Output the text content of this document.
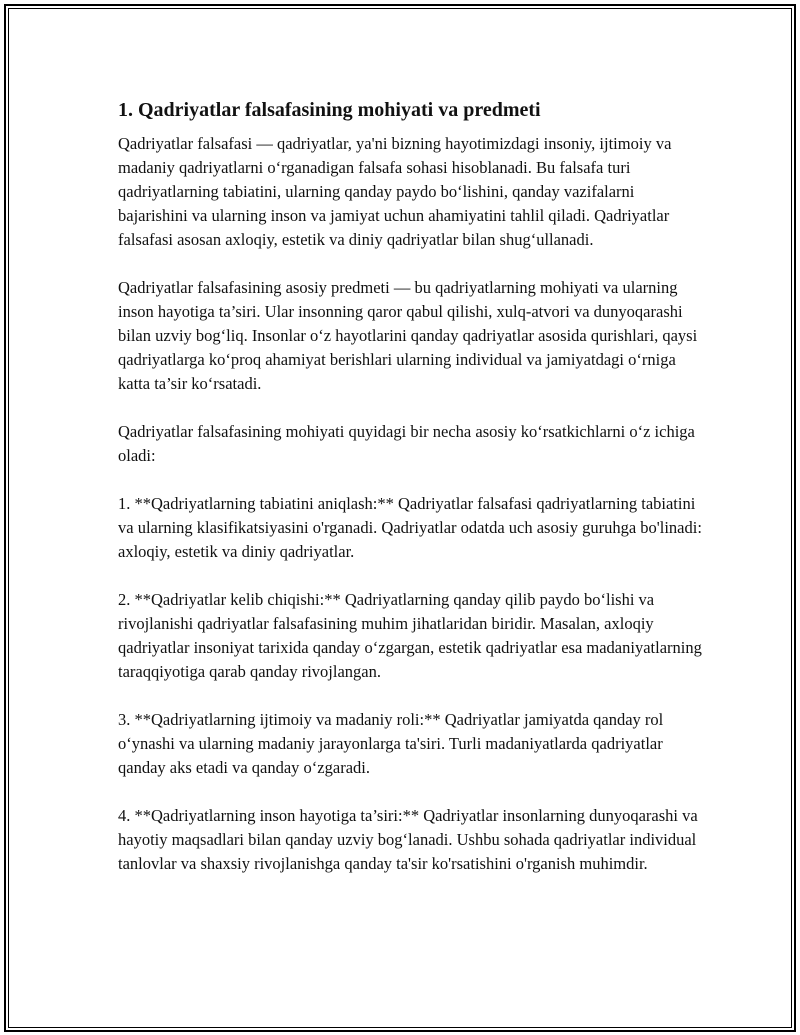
1. Qadriyatlar falsafasining mohiyati va predmeti

Qadriyatlar falsafasi — qadriyatlar, ya'ni bizning hayotimizdagi insoniy, ijtimoiy va madaniy qadriyatlarni o‘rganadigan falsafa sohasi hisoblanadi. Bu falsafa turi qadriyatlarning tabiatini, ularning qanday paydo bo‘lishini, qanday vazifalarni bajarishini va ularning inson va jamiyat uchun ahamiyatini tahlil qiladi. Qadriyatlar falsafasi asosan axloqiy, estetik va diniy qadriyatlar bilan shug‘ullanadi.

Qadriyatlar falsafasining asosiy predmeti — bu qadriyatlarning mohiyati va ularning inson hayotiga ta’siri. Ular insonning qaror qabul qilishi, xulq-atvori va dunyoqarashi bilan uzviy bog‘liq. Insonlar o‘z hayotlarini qanday qadriyatlar asosida qurishlari, qaysi qadriyatlarga ko‘proq ahamiyat berishlari ularning individual va jamiyatdagi o‘rniga katta ta’sir ko‘rsatadi.

Qadriyatlar falsafasining mohiyati quyidagi bir necha asosiy ko‘rsatkichlarni o‘z ichiga oladi:

1. **Qadriyatlarning tabiatini aniqlash:** Qadriyatlar falsafasi qadriyatlarning tabiatini va ularning klasifikatsiyasini o'rganadi. Qadriyatlar odatda uch asosiy guruhga bo'linadi: axloqiy, estetik va diniy qadriyatlar.

2. **Qadriyatlar kelib chiqishi:** Qadriyatlarning qanday qilib paydo bo‘lishi va rivojlanishi qadriyatlar falsafasining muhim jihatlaridan biridir. Masalan, axloqiy qadriyatlar insoniyat tarixida qanday o‘zgargan, estetik qadriyatlar esa madaniyatlarning taraqqiyotiga qarab qanday rivojlangan.

3. **Qadriyatlarning ijtimoiy va madaniy roli:** Qadriyatlar jamiyatda qanday rol o‘ynashi va ularning madaniy jarayonlarga ta'siri. Turli madaniyatlarda qadriyatlar qanday aks etadi va qanday o‘zgaradi.

4. **Qadriyatlarning inson hayotiga ta’siri:** Qadriyatlar insonlarning dunyoqarashi va hayotiy maqsadlari bilan qanday uzviy bog‘lanadi. Ushbu sohada qadriyatlar individual tanlovlar va shaxsiy rivojlanishga qanday ta'sir ko'rsatishini o'rganish muhimdir.
